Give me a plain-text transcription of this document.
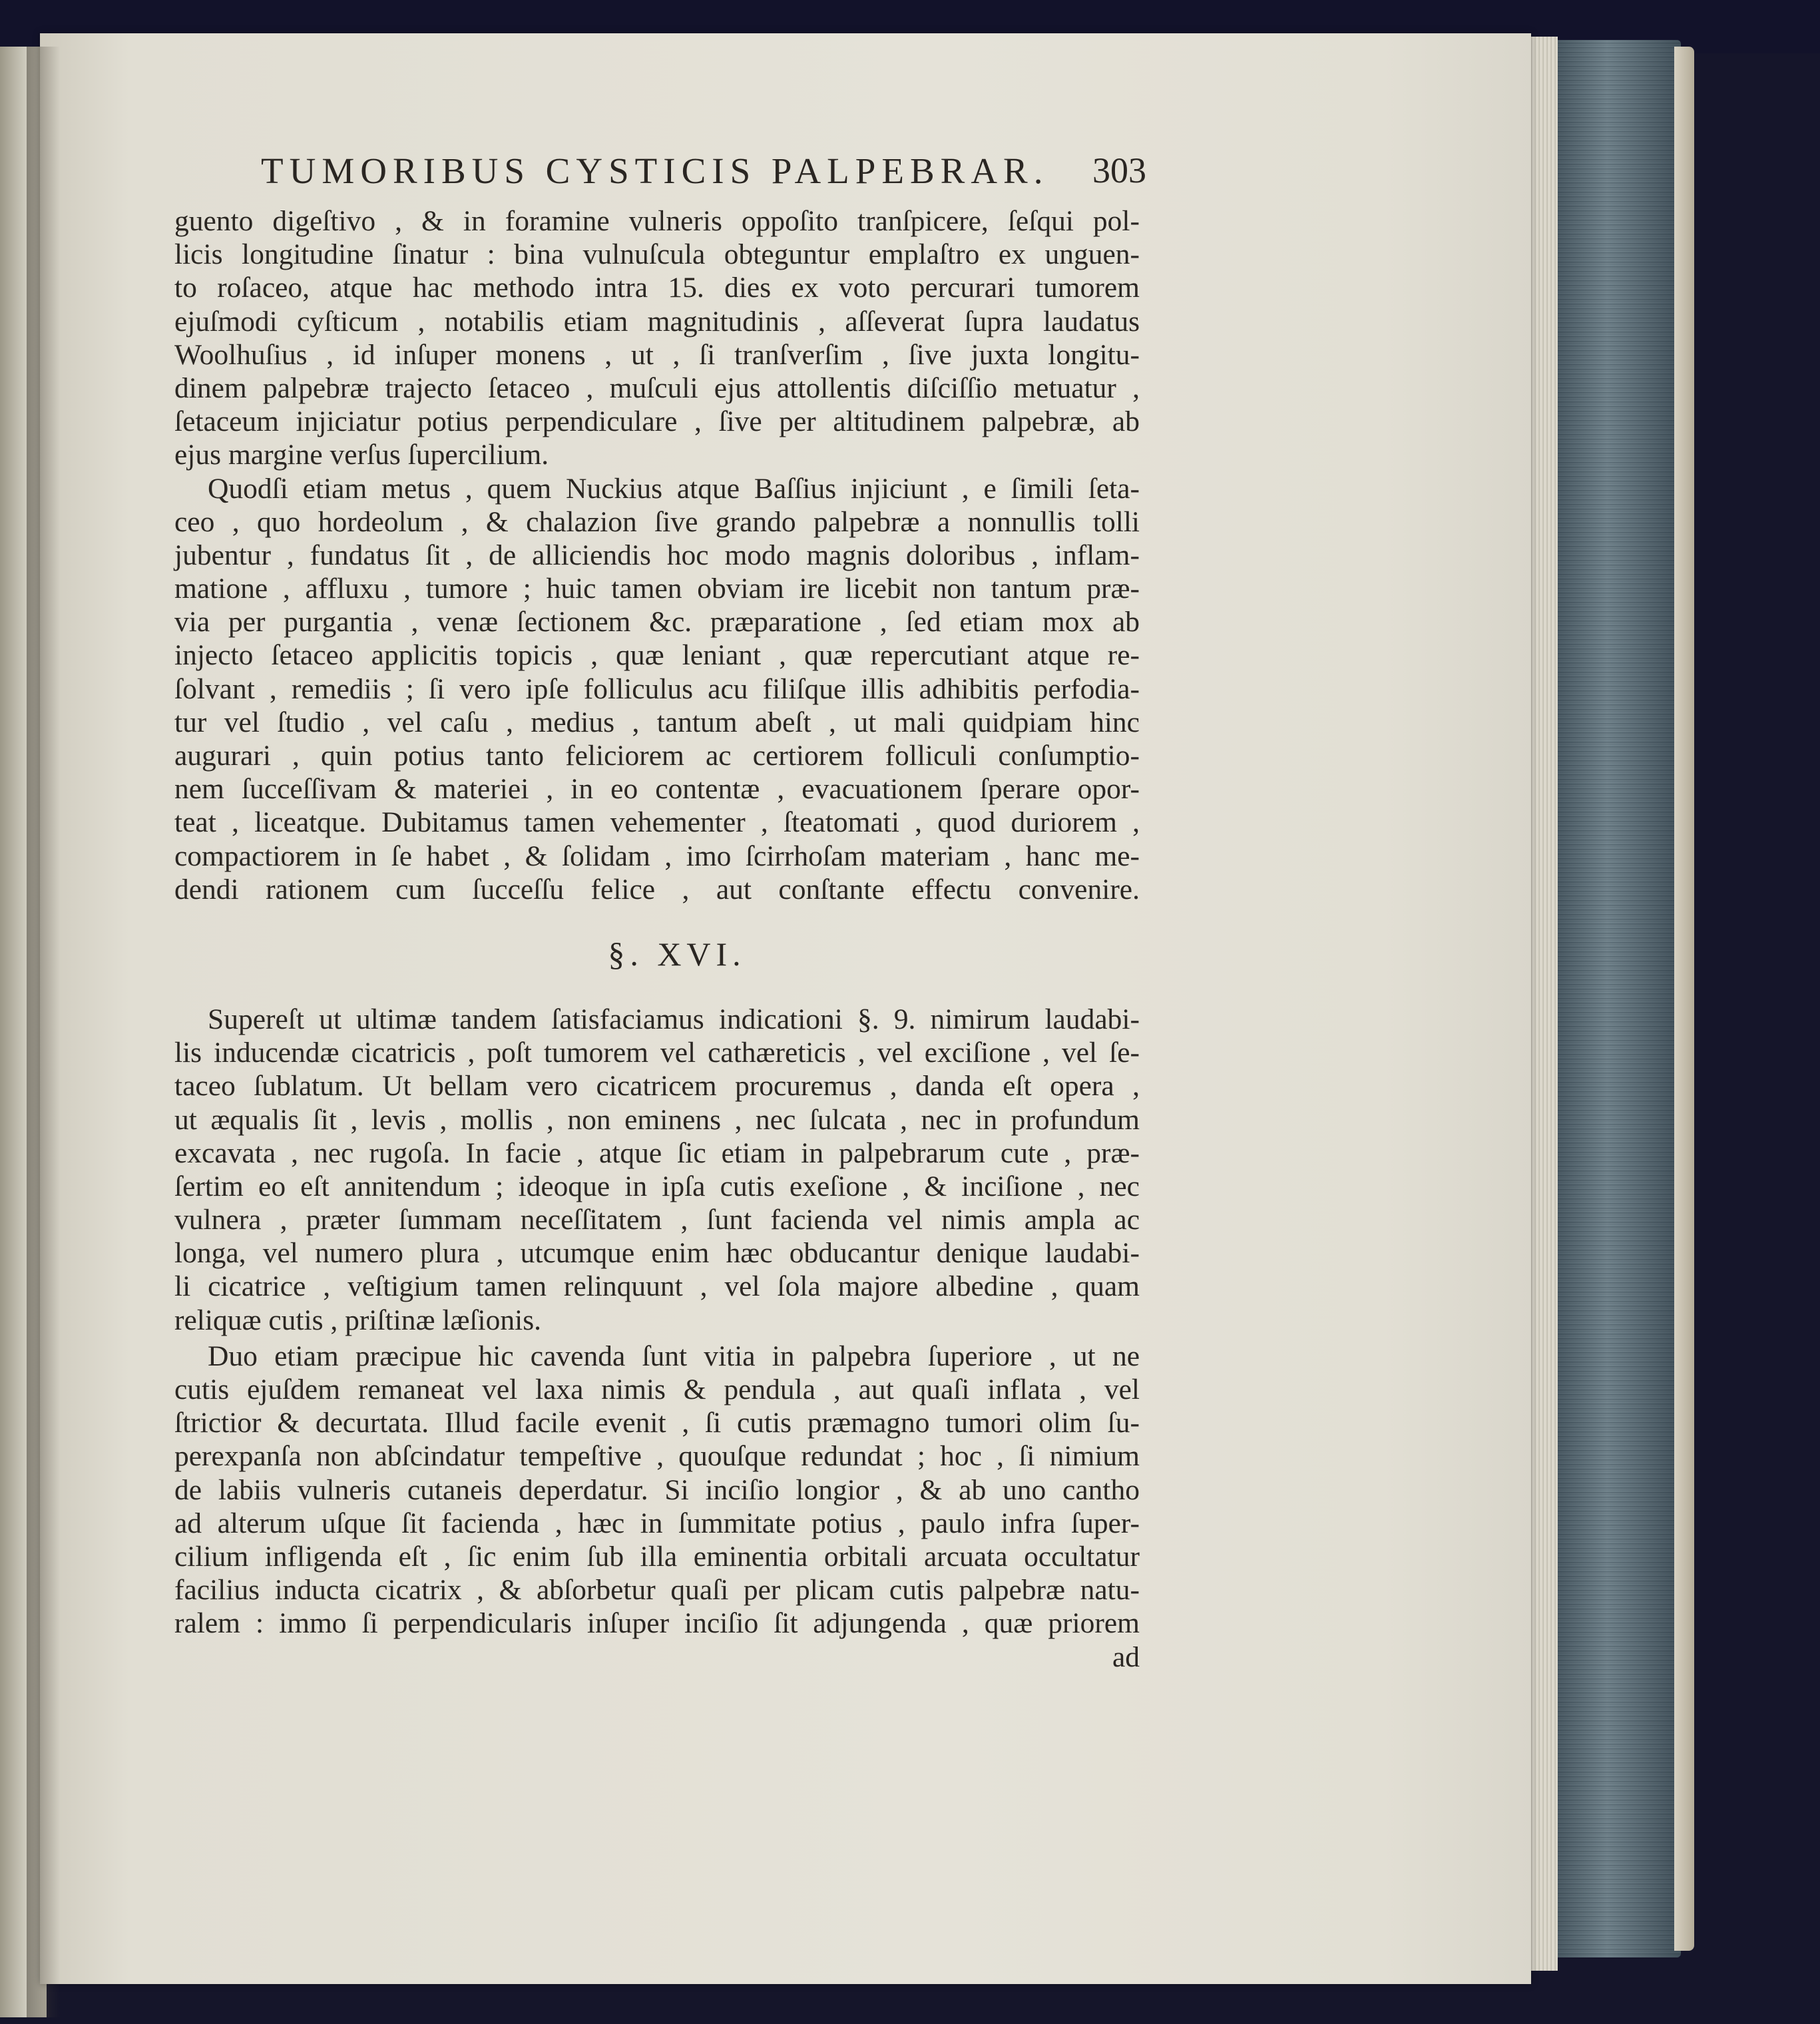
TUMORIBUS CYSTICIS PALPEBRAR. 303
guento digeſtivo , & in foramine vulneris oppoſito tranſpicere, ſeſqui pol-
licis longitudine ſinatur : bina vulnuſcula obteguntur emplaſtro ex unguen-
to roſaceo, atque hac methodo intra 15. dies ex voto percurari tumorem
ejuſmodi cyſticum , notabilis etiam magnitudinis , aſſeverat ſupra laudatus
Woolhuſius , id inſuper monens , ut , ſi tranſverſim , ſive juxta longitu-
dinem palpebræ trajecto ſetaceo , muſculi ejus attollentis diſciſſio metuatur ,
ſetaceum injiciatur potius perpendiculare , ſive per altitudinem palpebræ, ab
ejus margine verſus ſupercilium.
Quodſi etiam metus , quem Nuckius atque Baſſius injiciunt , e ſimili ſeta-
ceo , quo hordeolum , & chalazion ſive grando palpebræ a nonnullis tolli
jubentur , fundatus ſit , de alliciendis hoc modo magnis doloribus , inflam-
matione , affluxu , tumore ; huic tamen obviam ire licebit non tantum præ-
via per purgantia , venæ ſectionem &c. præparatione , ſed etiam mox ab
injecto ſetaceo applicitis topicis , quæ leniant , quæ repercutiant atque re-
ſolvant , remediis ; ſi vero ipſe folliculus acu filiſque illis adhibitis perfodia-
tur vel ſtudio , vel caſu , medius , tantum abeſt , ut mali quidpiam hinc
augurari , quin potius tanto feliciorem ac certiorem folliculi conſumptio-
nem ſucceſſivam & materiei , in eo contentæ , evacuationem ſperare opor-
teat , liceatque. Dubitamus tamen vehementer , ſteatomati , quod duriorem ,
compactiorem in ſe habet , & ſolidam , imo ſcirrhoſam materiam , hanc me-
dendi rationem cum ſucceſſu felice , aut conſtante effectu convenire.
§. XVI.
Supereſt ut ultimæ tandem ſatisfaciamus indicationi §. 9. nimirum laudabi-
lis inducendæ cicatricis , poſt tumorem vel cathæreticis , vel exciſione , vel ſe-
taceo ſublatum. Ut bellam vero cicatricem procuremus , danda eſt opera ,
ut æqualis ſit , levis , mollis , non eminens , nec ſulcata , nec in profundum
excavata , nec rugoſa. In facie , atque ſic etiam in palpebrarum cute , præ-
ſertim eo eſt annitendum ; ideoque in ipſa cutis exeſione , & inciſione , nec
vulnera , præter ſummam neceſſitatem , ſunt facienda vel nimis ampla ac
longa, vel numero plura , utcumque enim hæc obducantur denique laudabi-
li cicatrice , veſtigium tamen relinquunt , vel ſola majore albedine , quam
reliquæ cutis , priſtinæ læſionis.
Duo etiam præcipue hic cavenda ſunt vitia in palpebra ſuperiore , ut ne
cutis ejuſdem remaneat vel laxa nimis & pendula , aut quaſi inflata , vel
ſtrictior & decurtata. Illud facile evenit , ſi cutis præmagno tumori olim ſu-
perexpanſa non abſcindatur tempeſtive , quouſque redundat ; hoc , ſi nimium
de labiis vulneris cutaneis deperdatur. Si inciſio longior , & ab uno cantho
ad alterum uſque ſit facienda , hæc in ſummitate potius , paulo infra ſuper-
cilium infligenda eſt , ſic enim ſub illa eminentia orbitali arcuata occultatur
facilius inducta cicatrix , & abſorbetur quaſi per plicam cutis palpebræ natu-
ralem : immo ſi perpendicularis inſuper inciſio ſit adjungenda , quæ priorem
ad
